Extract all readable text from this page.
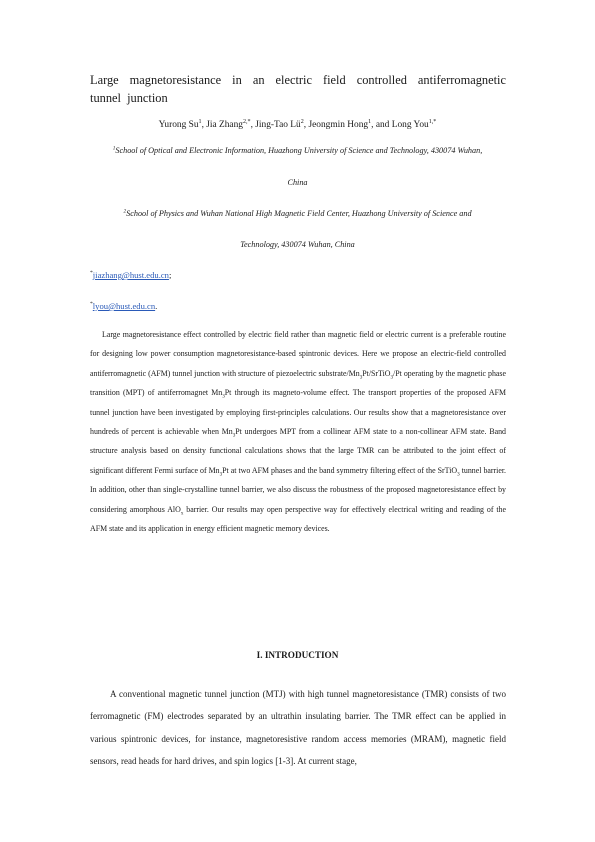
Large magnetoresistance in an electric field controlled antiferromagnetic tunnel junction
Yurong Su$^1$, Jia Zhang$^{2,*}$, Jing-Tao $Lü^2$, Jeongmin Hong$^1$, and Long You$^{1,*}$
$^1$School of Optical and Electronic Information, Huazhong University of Science and Technology, 430074 Wuhan,
China
$^2$School of Physics and Wuhan National High Magnetic Field Center, Huazhong University of Science and
Technology, 430074 Wuhan, China
*jiazhang@hust.edu.cn;
*lyou@hust.edu.cn.

Large magnetoresistance effect controlled by electric field rather than magnetic field or electric current is a preferable routine for designing low power consumption magnetoresistance-based spintronic devices. Here we propose an electric-field controlled antiferromagnetic (AFM) tunnel junction with structure of piezoelectric substrate/$Mn_3Pt/SrTiO_3/Pt$ operating by the magnetic phase transition (MPT) of antiferromagnet $Mn_3Pt$ through its magneto-volume effect. The transport properties of the proposed AFM tunnel junction have been investigated by employing first-principles calculations. Our results show that a magnetoresistance over hundreds of percent is achievable when $Mn_3Pt$ undergoes MPT from a collinear AFM state to a non-collinear AFM state. Band structure analysis based on density functional calculations shows that the large TMR can be attributed to the joint effect of significant different Fermi surface of $Mn_3Pt$ at two AFM phases and the band symmetry filtering effect of the SrTiO$_3$ tunnel barrier. In addition, other than single-crystalline tunnel barrier, we also discuss the robustness of the proposed magnetoresistance effect by considering amorphous AlO$_x$ barrier. Our results may open perspective way for effectively electrical writing and reading of the AFM state and its application in energy efficient magnetic memory devices.

I. INTRODUCTION

A conventional magnetic tunnel junction (MTJ) with high tunnel magnetoresistance (TMR) consists of two ferromagnetic (FM) electrodes separated by an ultrathin insulating barrier. The TMR effect can be applied in various spintronic devices, for instance, magnetoresistive random access memories (MRAM), magnetic field sensors, read heads for hard drives, and spin logics [1-3]. At current stage,
